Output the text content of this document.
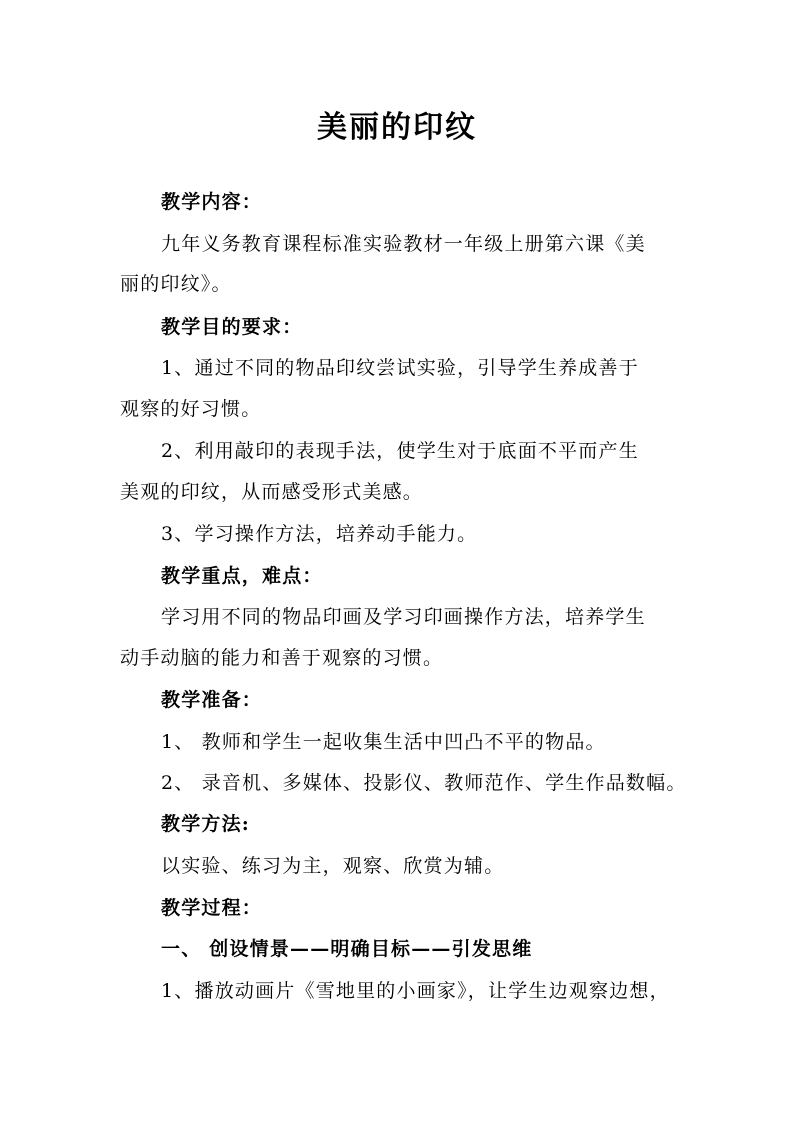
美丽的印纹
教学内容：
九年义务教育课程标准实验教材一年级上册第六课《美
丽的印纹》。
教学目的要求：
1、通过不同的物品印纹尝试实验，引导学生养成善于
观察的好习惯。
2、利用敲印的表现手法，使学生对于底面不平而产生
美观的印纹，从而感受形式美感。
3、学习操作方法，培养动手能力。
教学重点，难点：
学习用不同的物品印画及学习印画操作方法，培养学生
动手动脑的能力和善于观察的习惯。
教学准备：
1、 教师和学生一起收集生活中凹凸不平的物品。
2、 录音机、多媒体、投影仪、教师范作、学生作品数幅。
教学方法:
以实验、练习为主，观察、欣赏为辅。
教学过程：
一、 创设情景——明确目标——引发思维
1、播放动画片《雪地里的小画家》，让学生边观察边想，
